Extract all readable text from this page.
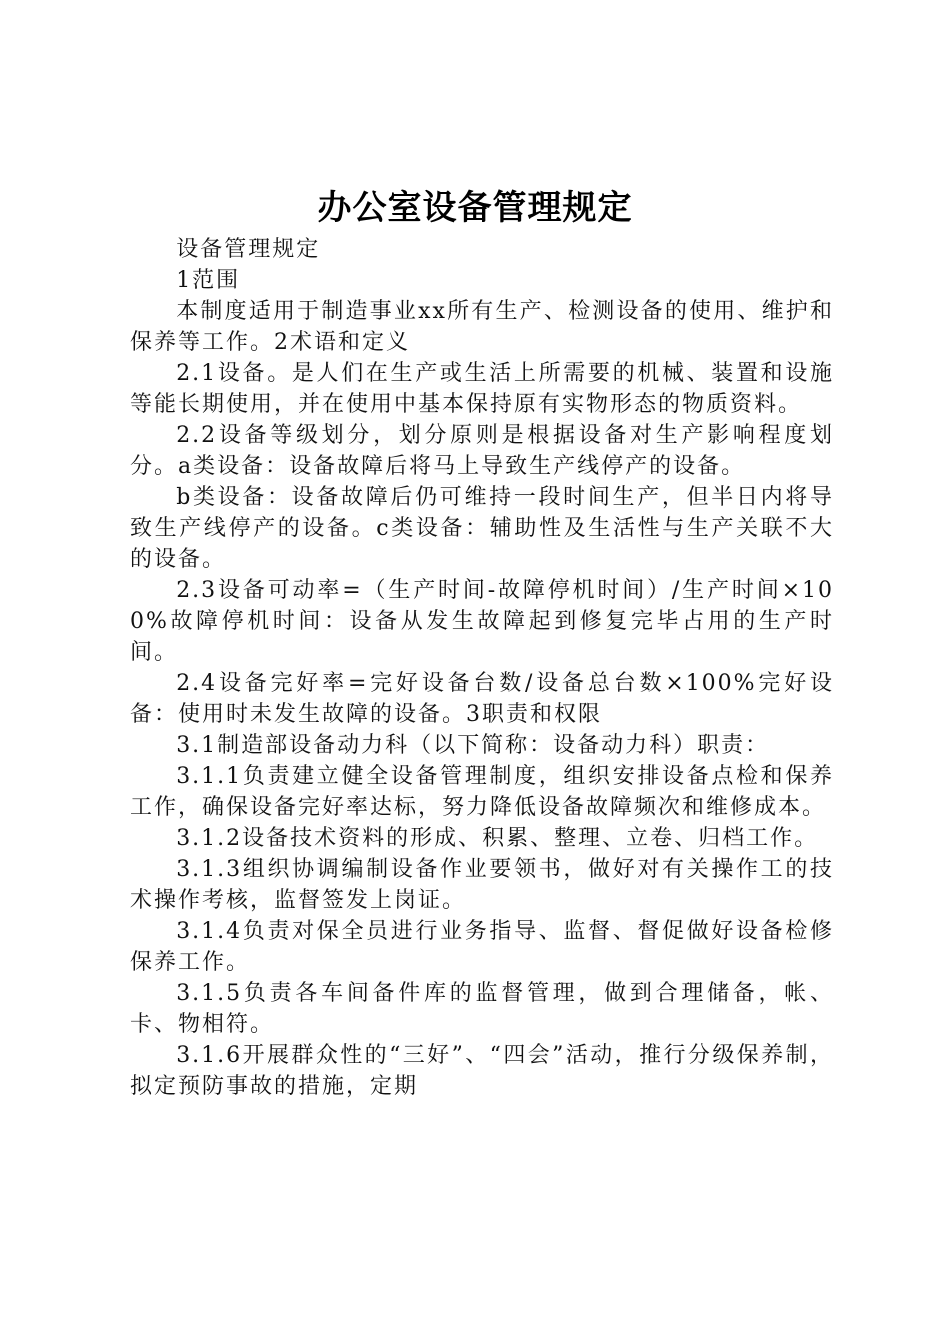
办公室设备管理规定

设备管理规定

1范围

本制度适用于制造事业xx所有生产、检测设备的使用、维护和保养等工作。2术语和定义

2.1设备。是人们在生产或生活上所需要的机械、装置和设施等能长期使用，并在使用中基本保持原有实物形态的物质资料。

2.2设备等级划分，划分原则是根据设备对生产影响程度划分。a类设备：设备故障后将马上导致生产线停产的设备。

b类设备：设备故障后仍可维持一段时间生产，但半日内将导致生产线停产的设备。c类设备：辅助性及生活性与生产关联不大的设备。

2.3设备可动率=（生产时间-故障停机时间）/生产时间×100%故障停机时间：设备从发生故障起到修复完毕占用的生产时间。

2.4设备完好率=完好设备台数/设备总台数×100%完好设备：使用时未发生故障的设备。3职责和权限

3.1制造部设备动力科（以下简称：设备动力科）职责：

3.1.1负责建立健全设备管理制度，组织安排设备点检和保养工作，确保设备完好率达标，努力降低设备故障频次和维修成本。

3.1.2设备技术资料的形成、积累、整理、立卷、归档工作。

3.1.3组织协调编制设备作业要领书，做好对有关操作工的技术操作考核，监督签发上岗证。

3.1.4负责对保全员进行业务指导、监督、督促做好设备检修保养工作。

3.1.5负责各车间备件库的监督管理，做到合理储备，帐、卡、物相符。

3.1.6开展群众性的“三好”、“四会”活动，推行分级保养制，拟定预防事故的措施，定期
